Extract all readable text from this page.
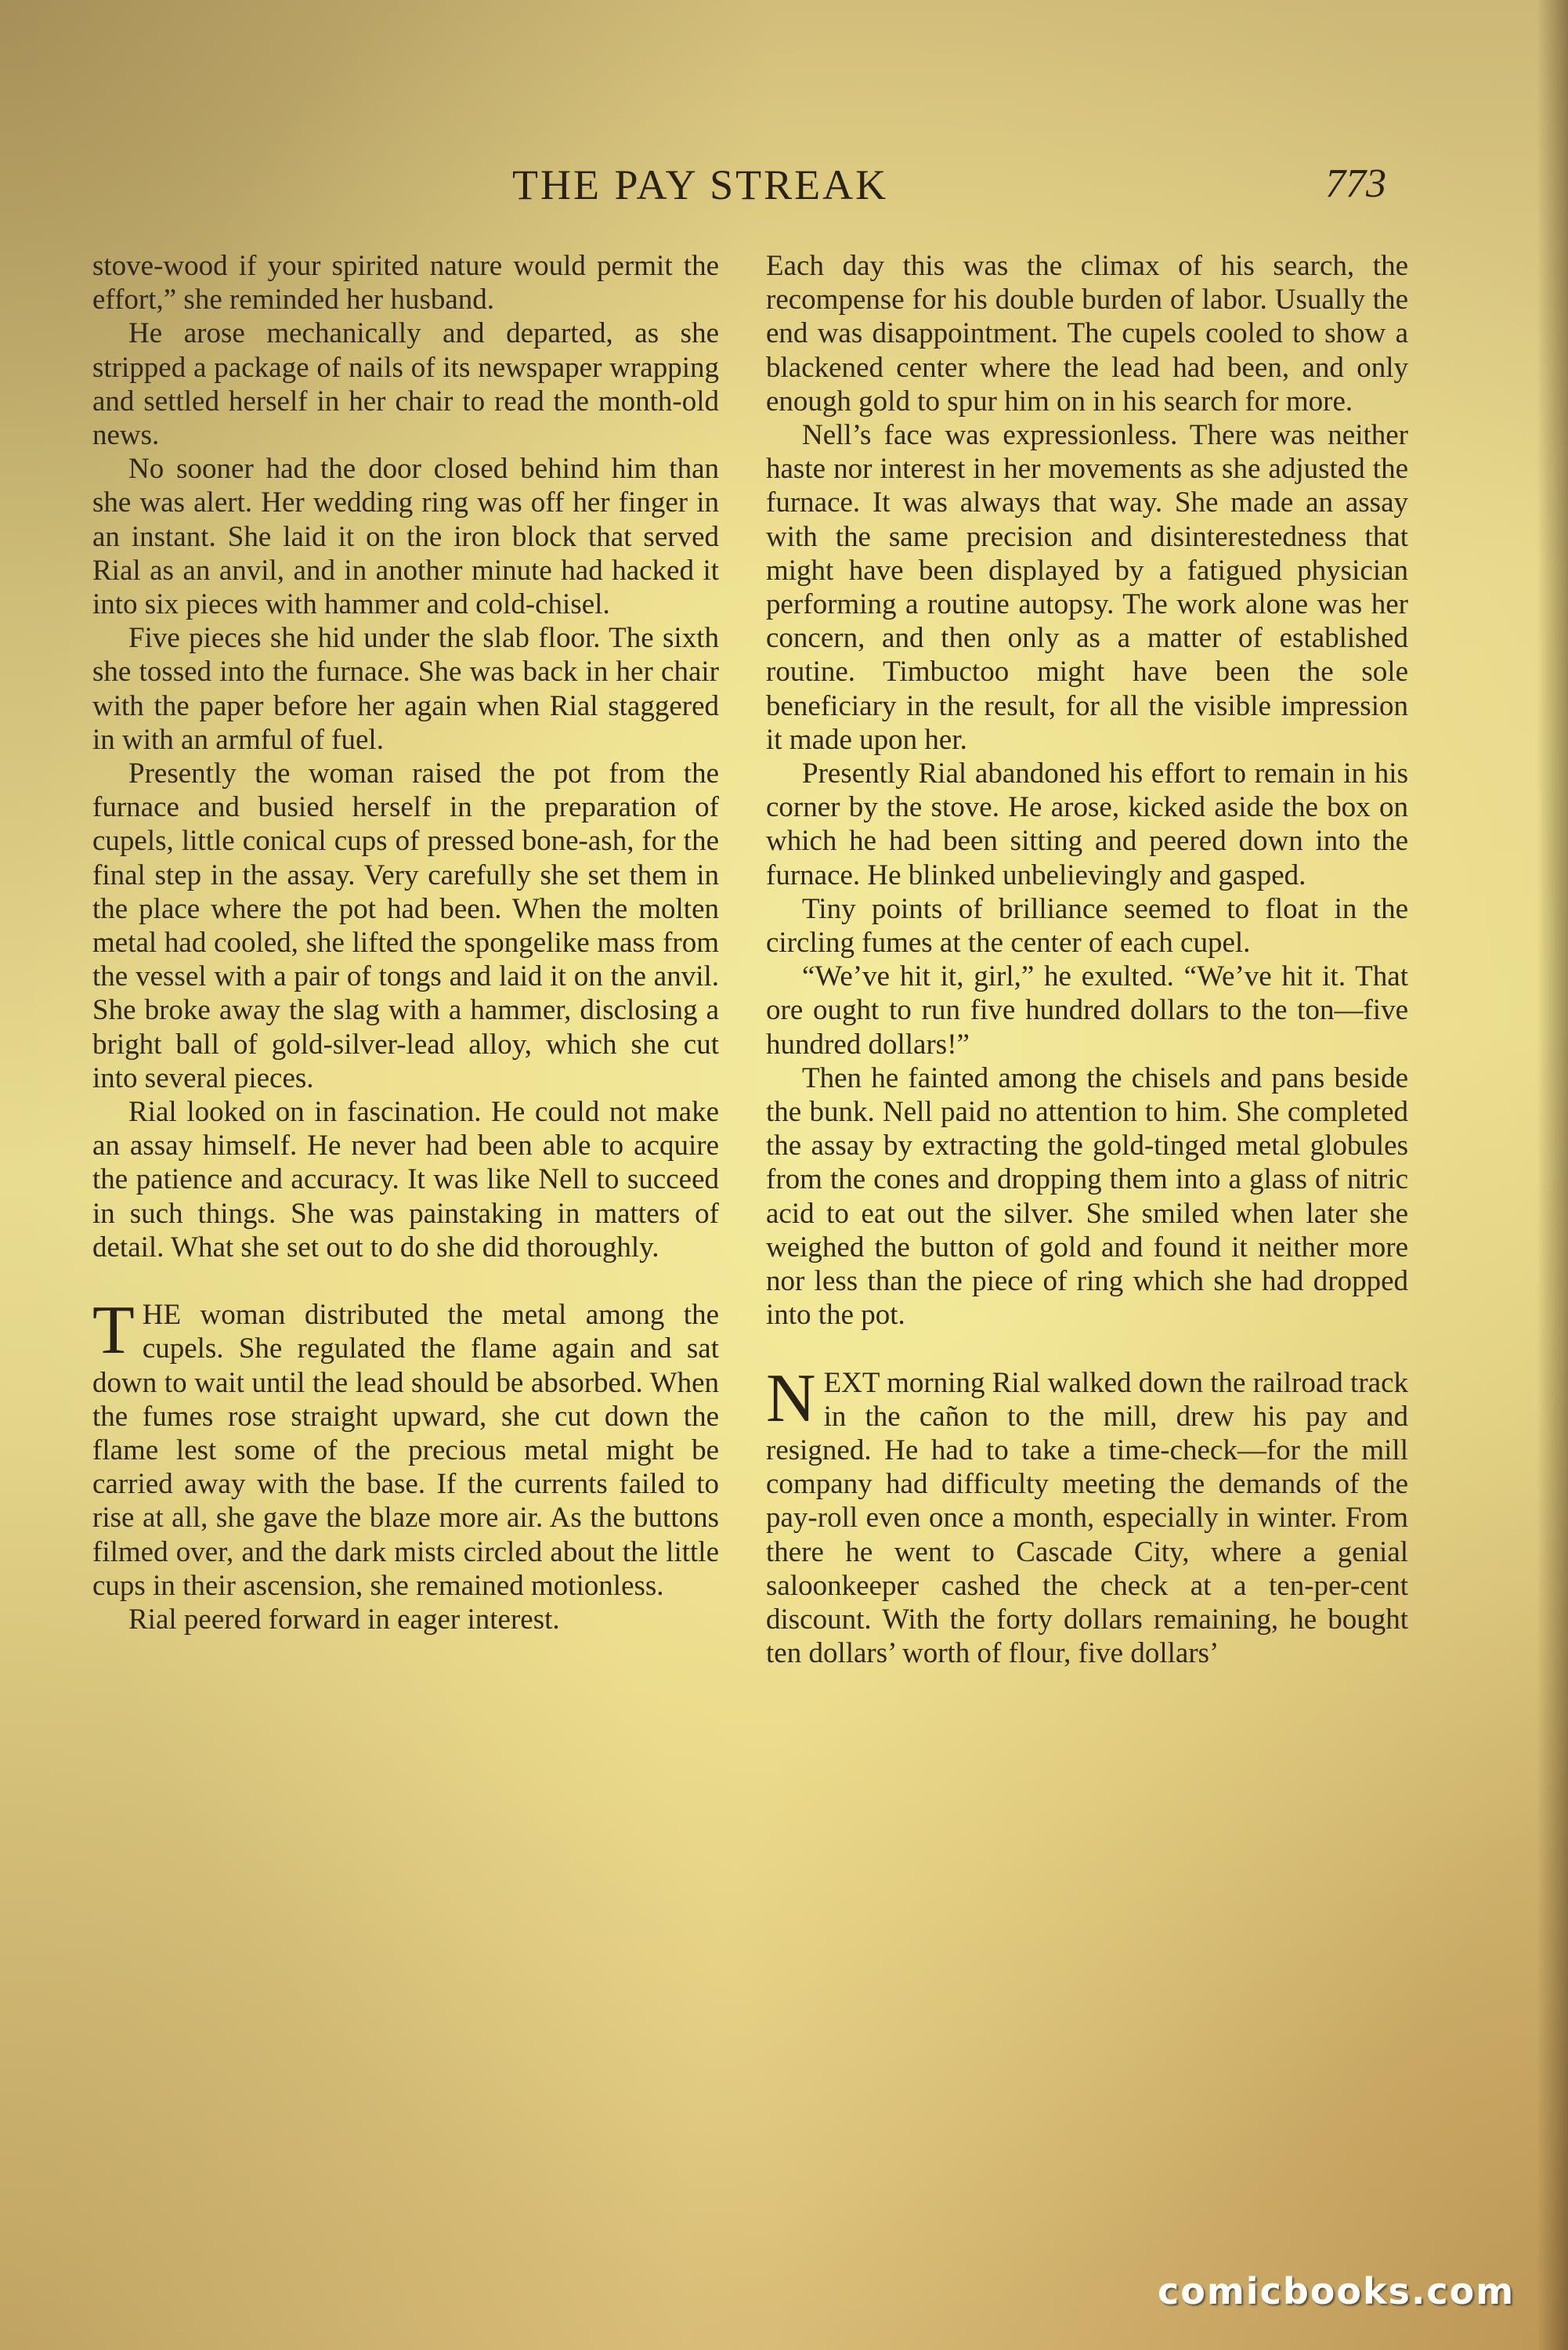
THE PAY STREAK	773

stove-wood if your spirited nature would permit the effort,” she reminded her husband.

He arose mechanically and departed, as she stripped a package of nails of its newspaper wrapping and settled herself in her chair to read the month-old news.

No sooner had the door closed behind him than she was alert. Her wedding ring was off her finger in an instant. She laid it on the iron block that served Rial as an anvil, and in another minute had hacked it into six pieces with hammer and cold-chisel.

Five pieces she hid under the slab floor. The sixth she tossed into the furnace. She was back in her chair with the paper before her again when Rial staggered in with an armful of fuel.

Presently the woman raised the pot from the furnace and busied herself in the preparation of cupels, little conical cups of pressed bone-ash, for the final step in the assay. Very carefully she set them in the place where the pot had been. When the molten metal had cooled, she lifted the spongelike mass from the vessel with a pair of tongs and laid it on the anvil. She broke away the slag with a hammer, disclosing a bright ball of gold-silver-lead alloy, which she cut into several pieces.

Rial looked on in fascination. He could not make an assay himself. He never had been able to acquire the patience and accuracy. It was like Nell to succeed in such things. She was painstaking in matters of detail. What she set out to do she did thoroughly.

THE woman distributed the metal among the cupels. She regulated the flame again and sat down to wait until the lead should be absorbed. When the fumes rose straight upward, she cut down the flame lest some of the precious metal might be carried away with the base. If the currents failed to rise at all, she gave the blaze more air. As the buttons filmed over, and the dark mists circled about the little cups in their ascension, she remained motionless.

Rial peered forward in eager interest.

Each day this was the climax of his search, the recompense for his double burden of labor. Usually the end was disappointment. The cupels cooled to show a blackened center where the lead had been, and only enough gold to spur him on in his search for more.

Nell’s face was expressionless. There was neither haste nor interest in her movements as she adjusted the furnace. It was always that way. She made an assay with the same precision and disinterestedness that might have been displayed by a fatigued physician performing a routine autopsy. The work alone was her concern, and then only as a matter of established routine. Timbuctoo might have been the sole beneficiary in the result, for all the visible impression it made upon her.

Presently Rial abandoned his effort to remain in his corner by the stove. He arose, kicked aside the box on which he had been sitting and peered down into the furnace. He blinked unbelievingly and gasped.

Tiny points of brilliance seemed to float in the circling fumes at the center of each cupel.

“We’ve hit it, girl,” he exulted. “We’ve hit it. That ore ought to run five hundred dollars to the ton—five hundred dollars!”

Then he fainted among the chisels and pans beside the bunk. Nell paid no attention to him. She completed the assay by extracting the gold-tinged metal globules from the cones and dropping them into a glass of nitric acid to eat out the silver. She smiled when later she weighed the button of gold and found it neither more nor less than the piece of ring which she had dropped into the pot.

NEXT morning Rial walked down the railroad track in the cañon to the mill, drew his pay and resigned. He had to take a time-check—for the mill company had difficulty meeting the demands of the pay-roll even once a month, especially in winter. From there he went to Cascade City, where a genial saloonkeeper cashed the check at a ten-per-cent discount. With the forty dollars remaining, he bought ten dollars’ worth of flour, five dollars’

comicbooks.com
